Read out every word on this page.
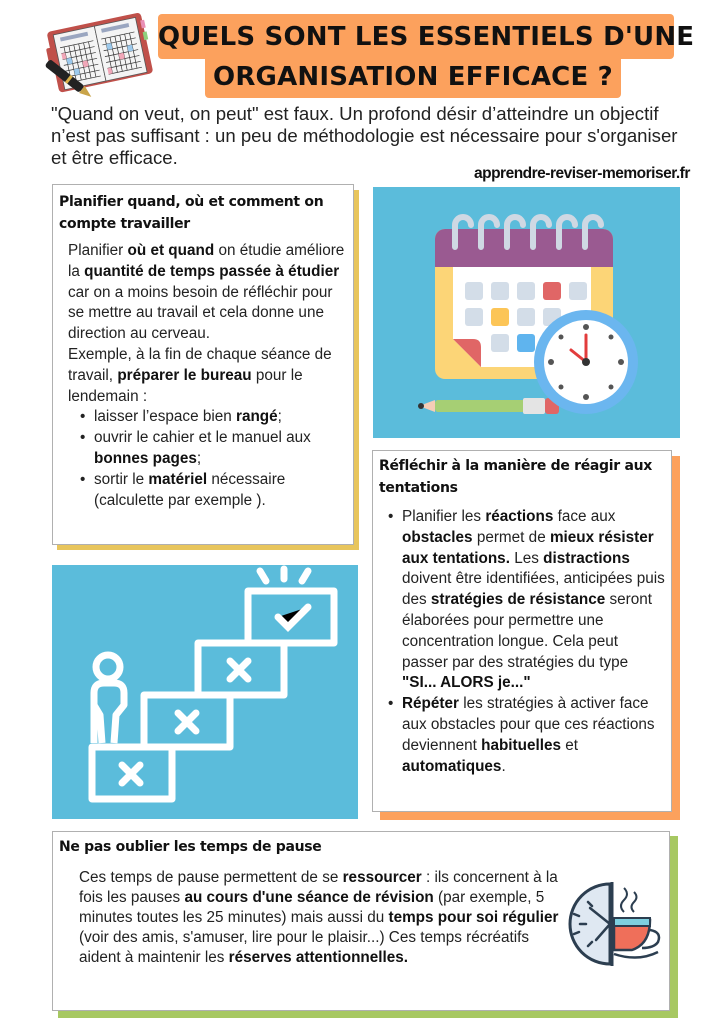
QUELS SONT LES ESSENTIELS D'UNE
ORGANISATION EFFICACE ?
"Quand on veut, on peut" est faux. Un profond désir d’atteindre un objectif n’est pas suffisant : un peu de méthodologie est nécessaire pour s'organiser et être efficace.
apprendre-reviser-memoriser.fr
Planifier quand, où et comment on compte travailler
Planifier où et quand on étudie améliore la quantité de temps passée à étudier car on a moins besoin de réfléchir pour se mettre au travail et cela donne une direction au cerveau.
Exemple, à la fin de chaque séance de travail, préparer le bureau pour le lendemain :
• laisser l’espace bien rangé;
• ouvrir le cahier et le manuel aux bonnes pages;
• sortir le matériel nécessaire (calculette par exemple ).
Réfléchir à la manière de réagir aux tentations
• Planifier les réactions face aux obstacles permet de mieux résister aux tentations. Les distractions doivent être identifiées, anticipées puis des stratégies de résistance seront élaborées pour permettre une concentration longue. Cela peut passer par des stratégies du type "SI... ALORS je..."
• Répéter les stratégies à activer face aux obstacles pour que ces réactions deviennent habituelles et automatiques.
Ne pas oublier les temps de pause
Ces temps de pause permettent de se ressourcer : ils concernent à la fois les pauses au cours d'une séance de révision (par exemple, 5 minutes toutes les 25 minutes) mais aussi du temps pour soi régulier (voir des amis, s'amuser, lire pour le plaisir...) Ces temps récréatifs aident à maintenir les réserves attentionnelles.
